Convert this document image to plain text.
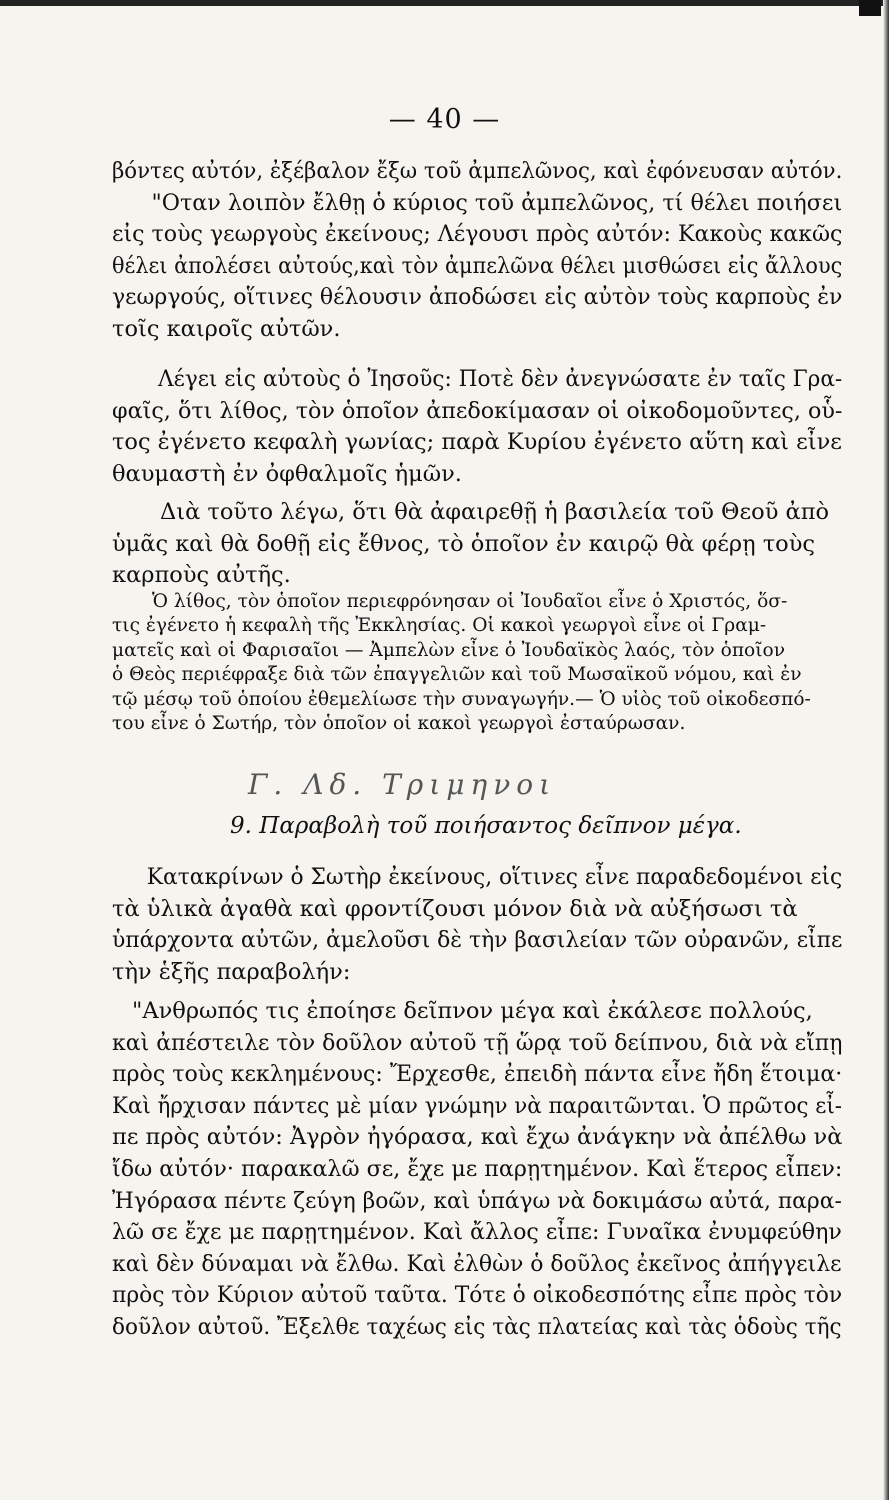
— 40 —
βόντες αὐτόν, ἐξέβαλον ἔξω τοῦ ἀμπελῶνος, καὶ ἐφόνευσαν αὐτόν.
"Οταν λοιπὸν ἔλθῃ ὁ κύριος τοῦ ἀμπελῶνος, τί θέλει ποιήσει
εἰς τοὺς γεωργοὺς ἐκείνους; Λέγουσι πρὸς αὐτόν: Κακοὺς κακῶς
θέλει ἀπολέσει αὐτούς,καὶ τὸν ἀμπελῶνα θέλει μισθώσει εἰς ἄλλους
γεωργούς, οἵτινες θέλουσιν ἀποδώσει εἰς αὐτὸν τοὺς καρποὺς ἐν
τοῖς καιροῖς αὐτῶν.
Λέγει εἰς αὐτοὺς ὁ Ἰησοῦς: Ποτὲ δὲν ἀνεγνώσατε ἐν ταῖς Γρα-
φαῖς, ὅτι λίθος, τὸν ὁποῖον ἀπεδοκίμασαν οἱ οἰκοδομοῦντες, οὗ-
τος ἐγένετο κεφαλὴ γωνίας; παρὰ Κυρίου ἐγένετο αὕτη καὶ εἶνε
θαυμαστὴ ἐν ὀφθαλμοῖς ἡμῶν.
Διὰ τοῦτο λέγω, ὅτι θὰ ἀφαιρεθῇ ἡ βασιλεία τοῦ Θεοῦ ἀπὸ
ὑμᾶς καὶ θὰ δοθῇ εἰς ἔθνος, τὸ ὁποῖον ἐν καιρῷ θὰ φέρῃ τοὺς
καρποὺς αὐτῆς.
Ὁ λίθος, τὸν ὁποῖον περιεφρόνησαν οἱ Ἰουδαῖοι εἶνε ὁ Χριστός, ὅσ-
τις ἐγένετο ἡ κεφαλὴ τῆς Ἐκκλησίας. Οἱ κακοὶ γεωργοὶ εἶνε οἱ Γραμ-
ματεῖς καὶ οἱ Φαρισαῖοι — Ἀμπελὼν εἶνε ὁ Ἰουδαϊκὸς λαός, τὸν ὁποῖον
ὁ Θεὸς περιέφραξε διὰ τῶν ἐπαγγελιῶν καὶ τοῦ Μωσαϊκοῦ νόμου, καὶ ἐν
τῷ μέσῳ τοῦ ὁποίου ἐθεμελίωσε τὴν συναγωγήν.— Ὁ υἱὸς τοῦ οἰκοδεσπό-
του εἶνε ὁ Σωτήρ, τὸν ὁποῖον οἱ κακοὶ γεωργοὶ ἐσταύρωσαν.
Γ. Λδ. Τριμηνοι
9. Παραβολὴ τοῦ ποιήσαντος δεῖπνον μέγα.
Κατακρίνων ὁ Σωτὴρ ἐκείνους, οἵτινες εἶνε παραδεδομένοι εἰς
τὰ ὑλικὰ ἀγαθὰ καὶ φροντίζουσι μόνον διὰ νὰ αὐξήσωσι τὰ
ὑπάρχοντα αὐτῶν, ἀμελοῦσι δὲ τὴν βασιλείαν τῶν οὐρανῶν, εἶπε
τὴν ἑξῆς παραβολήν:
"Ανθρωπός τις ἐποίησε δεῖπνον μέγα καὶ ἐκάλεσε πολλούς,
καὶ ἀπέστειλε τὸν δοῦλον αὐτοῦ τῇ ὥρᾳ τοῦ δείπνου, διὰ νὰ εἴπῃ
πρὸς τοὺς κεκλημένους: Ἔρχεσθε, ἐπειδὴ πάντα εἶνε ἤδη ἕτοιμα·
Καὶ ἤρχισαν πάντες μὲ μίαν γνώμην νὰ παραιτῶνται. Ὁ πρῶτος εἶ-
πε πρὸς αὐτόν: Ἀγρὸν ἠγόρασα, καὶ ἔχω ἀνάγκην νὰ ἀπέλθω νὰ
ἴδω αὐτόν· παρακαλῶ σε, ἔχε με παρῃτημένον. Καὶ ἕτερος εἶπεν:
Ἠγόρασα πέντε ζεύγη βοῶν, καὶ ὑπάγω νὰ δοκιμάσω αὐτά, παρα-
λῶ σε ἔχε με παρῃτημένον. Καὶ ἄλλος εἶπε: Γυναῖκα ἐνυμφεύθην
καὶ δὲν δύναμαι νὰ ἔλθω. Καὶ ἐλθὼν ὁ δοῦλος ἐκεῖνος ἀπήγγειλε
πρὸς τὸν Κύριον αὐτοῦ ταῦτα. Τότε ὁ οἰκοδεσπότης εἶπε πρὸς τὸν
δοῦλον αὐτοῦ. Ἔξελθε ταχέως εἰς τὰς πλατείας καὶ τὰς ὁδοὺς τῆς
